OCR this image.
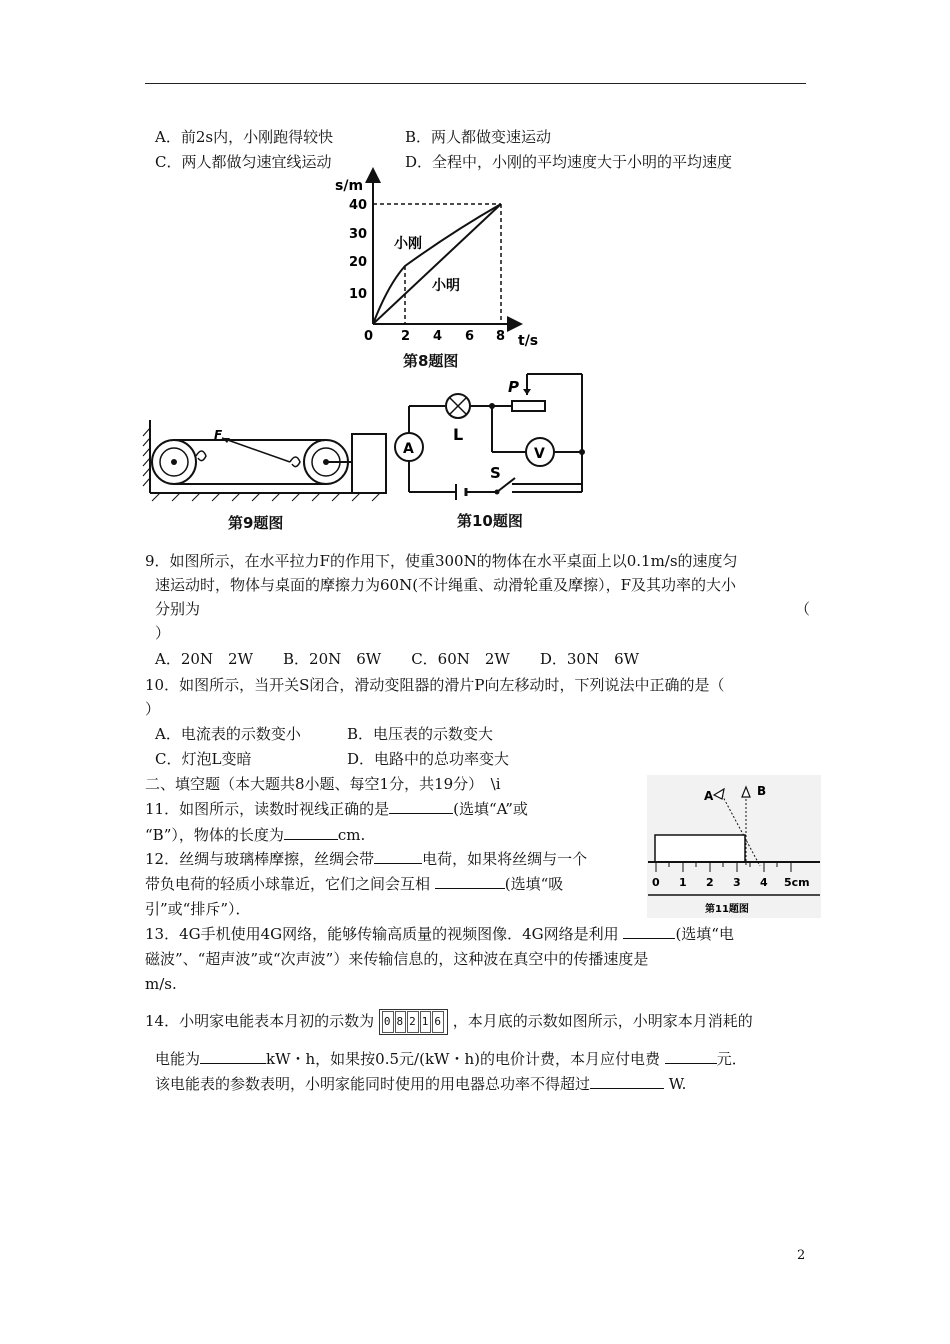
A．前2s内，小刚跑得较快	B．两人都做变速运动
C．两人都做匀速宜线运动	D．全程中，小刚的平均速度大于小明的平均速度
s/m
t/s
40
30
20
10
0 2 4 6 8
小刚
小明
第8题图
F
第9题图
P
L
A	V
S
第10题图
9．如图所示，在水平拉力F的作用下，使重300N的物体在水平桌面上以0.1m/s的速度匀
速运动时，物体与桌面的摩擦力为60N(不计绳重、动滑轮重及摩擦），F及其功率的大小
分别为	（
）
A．20N　2W　　B．20N　6W　　C．60N　2W　　D．30N　6W
10．如图所示，当开关S闭合，滑动变阻器的滑片P向左移动时，下列说法中正确的是（
）
A．电流表的示数变小	B．电压表的示数变大
C．灯泡L变暗	D．电路中的总功率变大
二、填空题（本大题共8小题、每空1分，共19分）　\i
11．如图所示，读数时视线正确的是	(选填“A”或
“B”），物体的长度为	cm.
0 1 2 3 4 5cm
A	B
第11题图
12．丝绸与玻璃棒摩擦，丝绸会带	电荷，如果将丝绸与一个
带负电荷的轻质小球靠近，它们之间会互相	(选填“吸
引”或“排斥”）．
13．4G手机使用4G网络，能够传输高质量的视频图像．4G网络是利用	(选填“电
磁波”、“超声波”或“次声波”）来传输信息的，这种波在真空中的传播速度是
m/s.
14．小明家电能表本月初的示数为 0 8 2 1 6 ，本月底的示数如图所示，小明家本月消耗的
电能为	kW・h，如果按0.5元/(kW・h)的电价计费，本月应付电费	元．
该电能表的参数表明，小明家能同时使用的用电器总功率不得超过	W.
2
